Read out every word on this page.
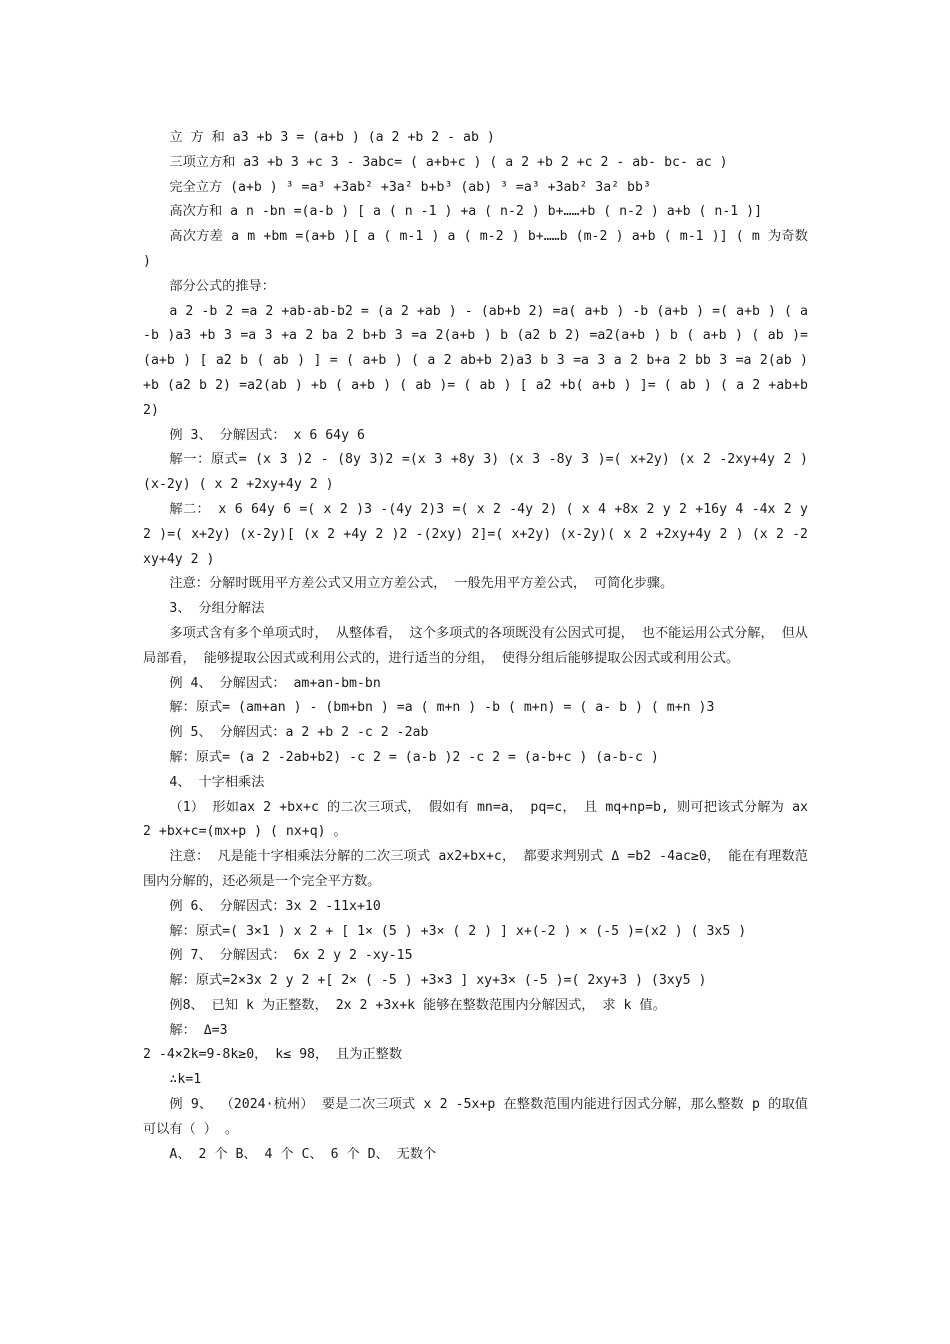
立 方 和 a3 +b 3 = (a+b ) (a 2 +b 2 - ab )

三项立方和 a3 +b 3 +c 3 - 3abc= ( a+b+c ) ( a 2 +b 2 +c 2 - ab- bc- ac )

完全立方 (a+b ) ³ =a³ +3ab² +3a² b+b³ (ab) ³ =a³ +3ab² 3a² bb³

高次方和 a n -bn =(a-b ) [ a ( n -1 ) +a ( n-2 ) b+……+b ( n-2 ) a+b ( n-1 )]

高次方差 a m +bm =(a+b )[ a ( m-1 ) a ( m-2 ) b+……b (m-2 ) a+b ( m-1 )] ( m 为奇数 )

部分公式的推导：

a 2 -b 2 =a 2 +ab-ab-b2 = (a 2 +ab ) - (ab+b 2) =a( a+b ) -b (a+b ) =( a+b ) ( a-b )a3 +b 3 =a 3 +a 2 ba 2 b+b 3 =a 2(a+b ) b (a2 b 2) =a2(a+b ) b ( a+b ) ( ab )=(a+b ) [ a2 b ( ab ) ] = ( a+b ) ( a 2 ab+b 2)a3 b 3 =a 3 a 2 b+a 2 bb 3 =a 2(ab ) +b (a2 b 2) =a2(ab ) +b ( a+b ) ( ab )= ( ab ) [ a2 +b( a+b ) ]= ( ab ) ( a 2 +ab+b 2)

例 3、 分解因式： x 6 64y 6

解一：原式= (x 3 )2 - (8y 3)2 =(x 3 +8y 3) (x 3 -8y 3 )=( x+2y) (x 2 -2xy+4y 2 ) (x-2y) ( x 2 +2xy+4y 2 )

解二： x 6 64y 6 =( x 2 )3 -(4y 2)3 =( x 2 -4y 2) ( x 4 +8x 2 y 2 +16y 4 -4x 2 y 2 )=( x+2y) (x-2y)[ (x 2 +4y 2 )2 -(2xy) 2]=( x+2y) (x-2y)( x 2 +2xy+4y 2 ) (x 2 -2xy+4y 2 )

注意：分解时既用平方差公式又用立方差公式， 一般先用平方差公式， 可简化步骤。

3、 分组分解法

多项式含有多个单项式时， 从整体看， 这个多项式的各项既没有公因式可提， 也不能运用公式分解， 但从局部看， 能够提取公因式或利用公式的，进行适当的分组， 使得分组后能够提取公因式或利用公式。

例 4、 分解因式： am+an-bm-bn

解：原式= (am+an ) - (bm+bn ) =a ( m+n ) -b ( m+n) = ( a- b ) ( m+n )3

例 5、 分解因式：a 2 +b 2 -c 2 -2ab

解：原式= (a 2 -2ab+b2) -c 2 = (a-b )2 -c 2 = (a-b+c ) (a-b-c )

4、 十字相乘法

（1） 形如ax 2 +bx+c 的二次三项式， 假如有 mn=a， pq=c， 且 mq+np=b, 则可把该式分解为 ax 2 +bx+c=(mx+p ) ( nx+q) 。

注意： 凡是能十字相乘法分解的二次三项式 ax2+bx+c， 都要求判别式 Δ =b2 -4ac≥0， 能在有理数范围内分解的，还必须是一个完全平方数。

例 6、 分解因式：3x 2 -11x+10

解：原式=( 3×1 ) x 2 + [ 1× (5 ) +3× ( 2 ) ] x+(-2 ) × (-5 )=(x2 ) ( 3x5 )

例 7、 分解因式： 6x 2 y 2 -xy-15

解：原式=2×3x 2 y 2 +[ 2× ( -5 ) +3×3 ] xy+3× (-5 )=( 2xy+3 ) (3xy5 )

例8、 已知 k 为正整数， 2x 2 +3x+k 能够在整数范围内分解因式， 求 k 值。

解： Δ=3

2 -4×2k=9-8k≥0， k≤ 98， 且为正整数

∴k=1

例 9、 （2024·杭州） 要是二次三项式 x 2 -5x+p 在整数范围内能进行因式分解，那么整数 p 的取值可以有（ ） 。

A、 2 个 B、 4 个 C、 6 个 D、 无数个
